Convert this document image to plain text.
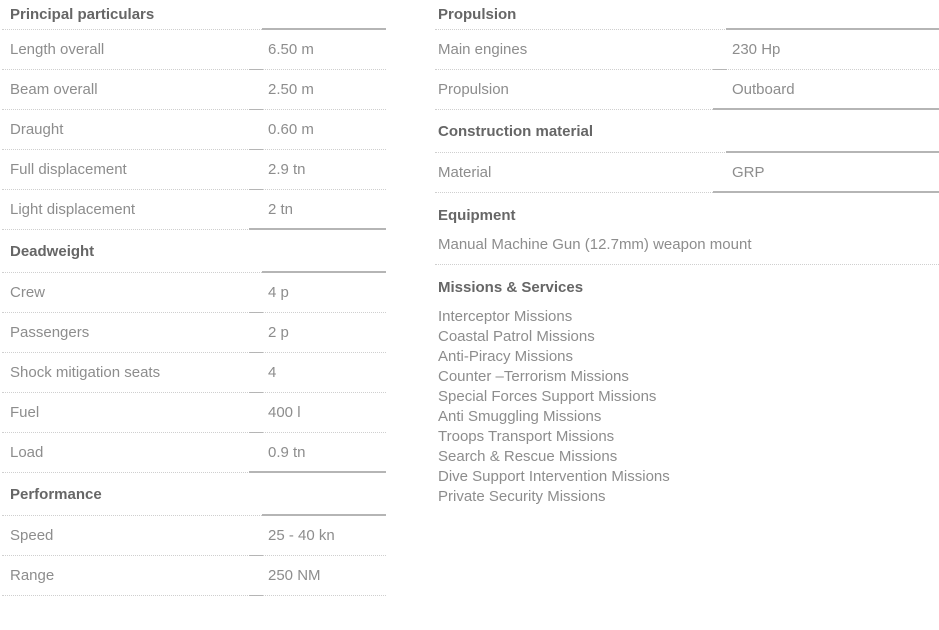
Principal particulars
Length overall	6.50 m
Beam overall	2.50 m
Draught	0.60 m
Full displacement	2.9 tn
Light displacement	2 tn
Deadweight
Crew	4 p
Passengers	2 p
Shock mitigation seats	4
Fuel	400 l
Load	0.9 tn
Performance
Speed	25 - 40 kn
Range	250 NM
Propulsion
Main engines	230 Hp
Propulsion	Outboard
Construction material
Material	GRP
Equipment
Manual Machine Gun (12.7mm) weapon mount
Missions & Services
Interceptor Missions
Coastal Patrol Missions
Anti-Piracy Missions
Counter –Terrorism Missions
Special Forces Support Missions
Anti Smuggling Missions
Troops Transport Missions
Search & Rescue Missions
Dive Support Intervention Missions
Private Security Missions
